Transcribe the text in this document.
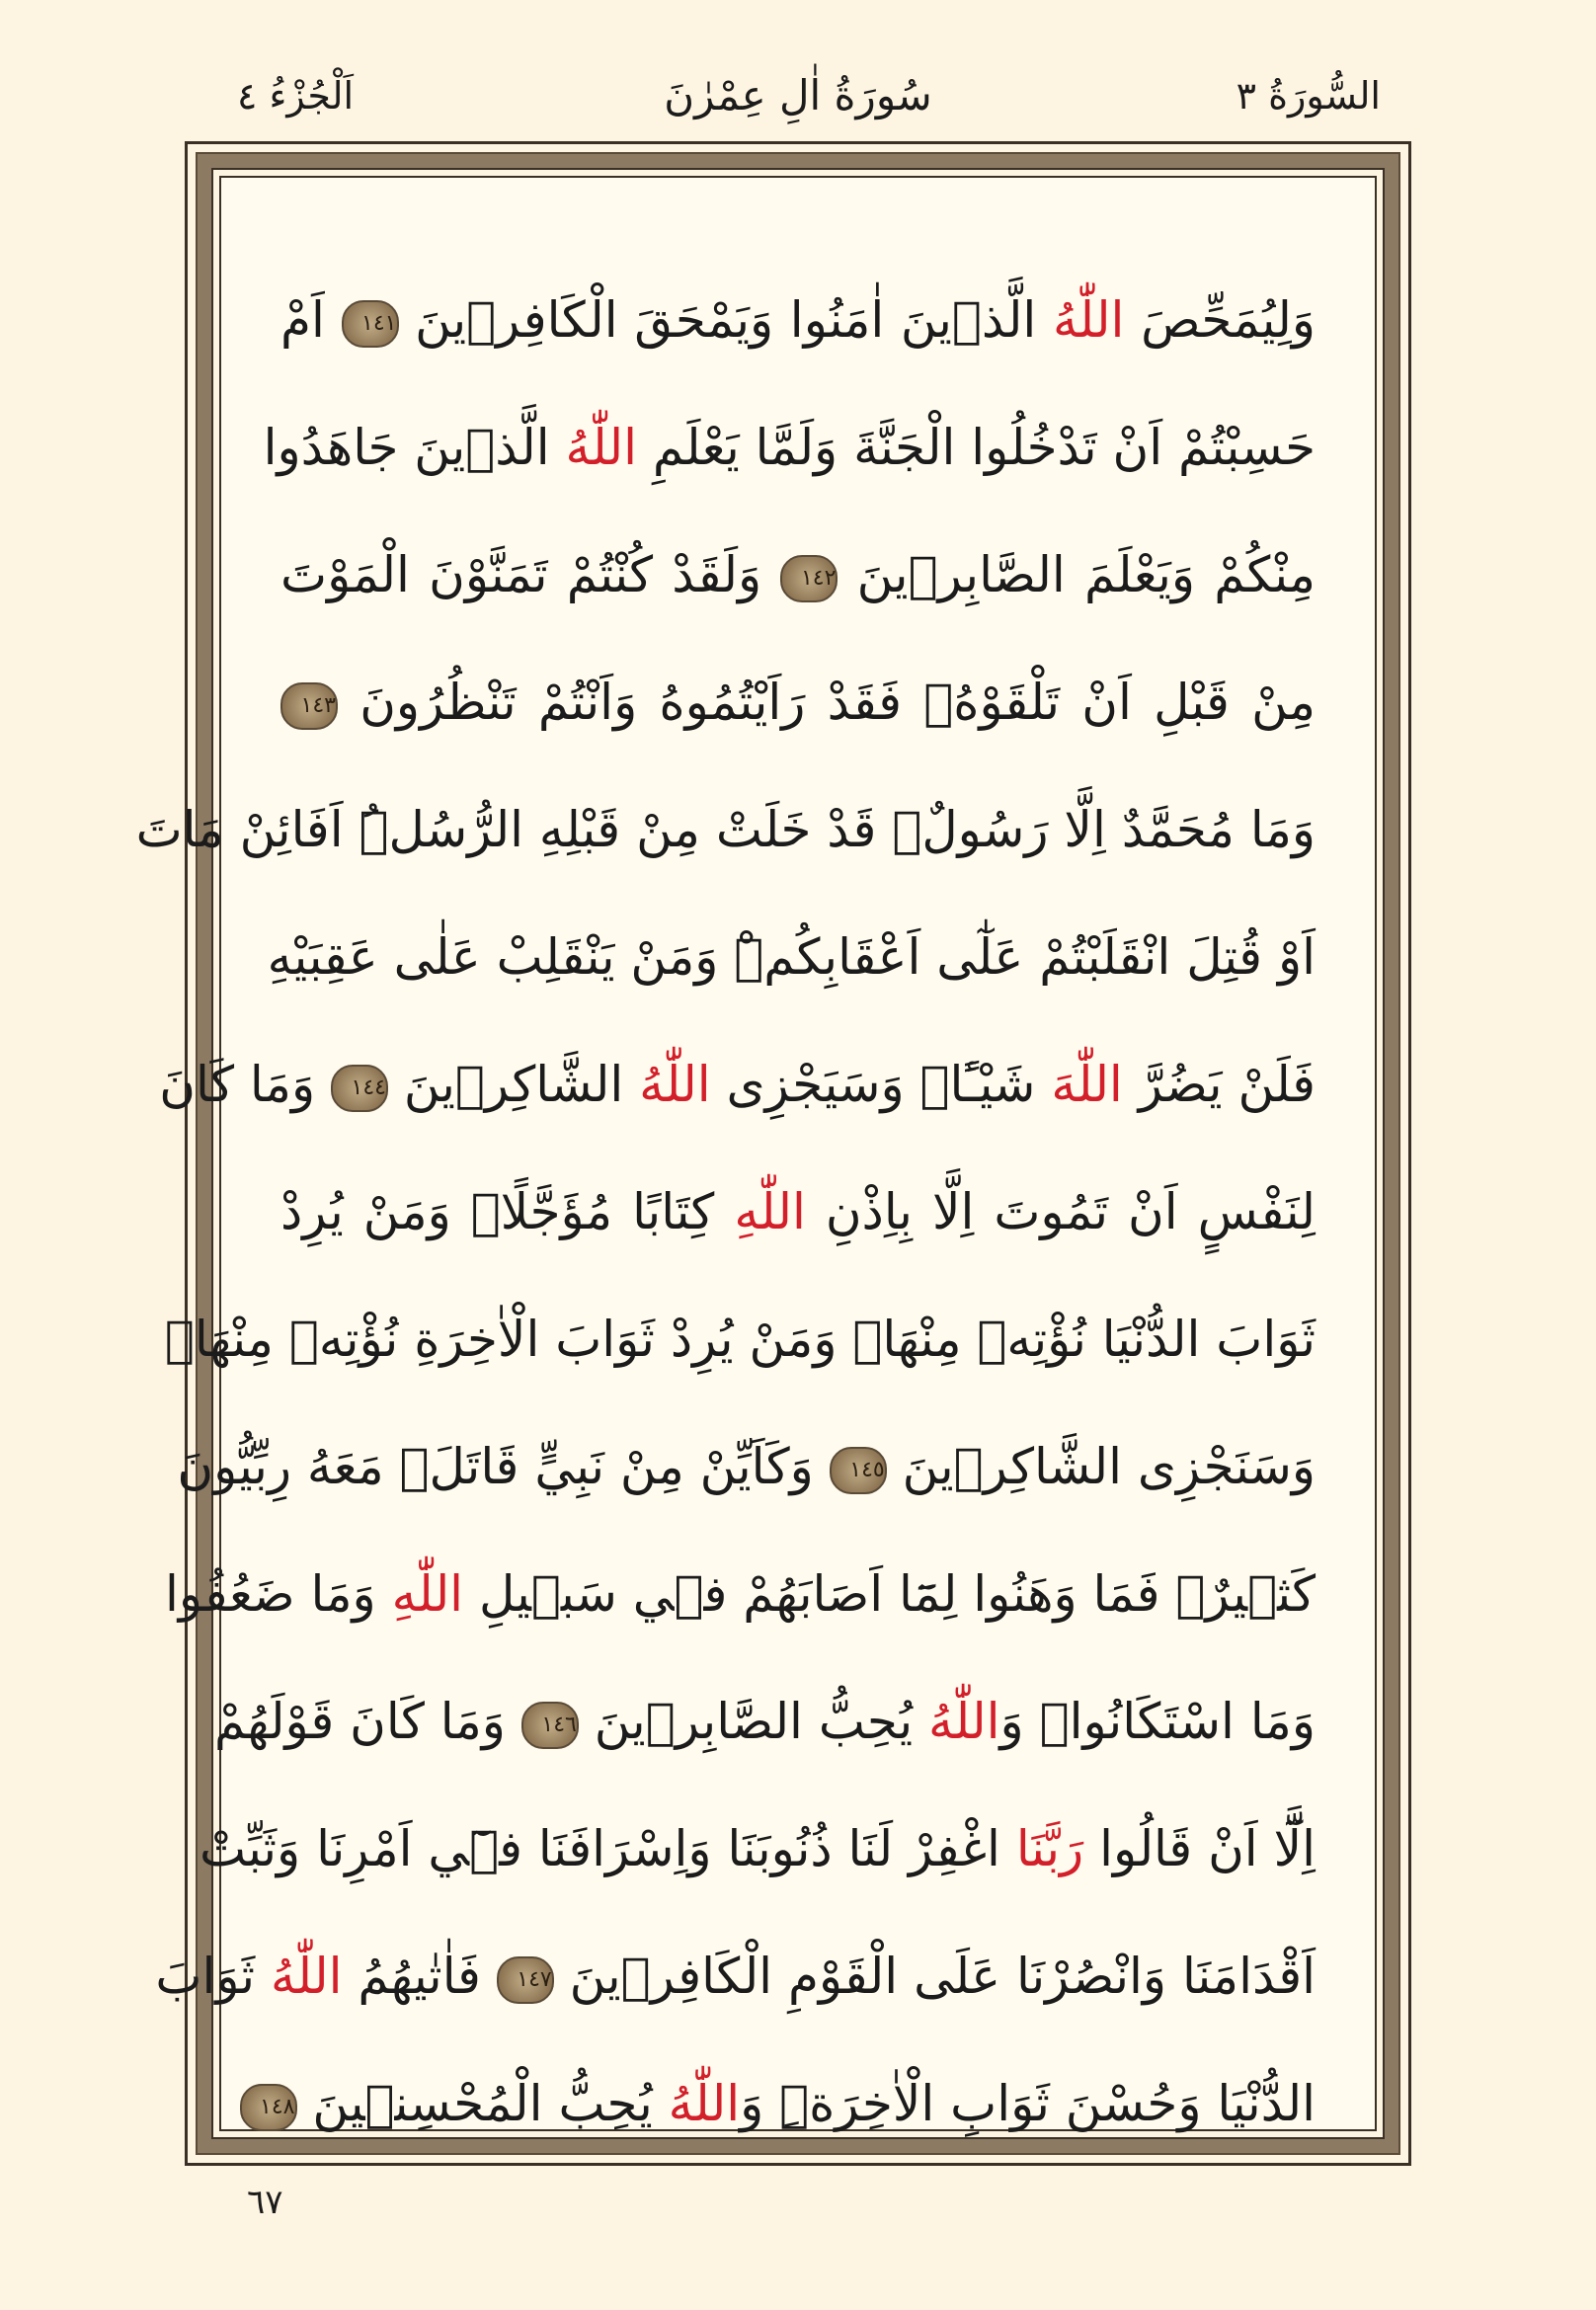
السُّورَةُ ٣
سُورَةُ اٰلِ عِمْرٰنَ
اَلْجُزْءُ ٤
وَلِيُمَحِّصَ اللّٰهُ الَّذٖينَ اٰمَنُوا وَيَمْحَقَ الْكَافِرٖينَ ١٤١ اَمْ
حَسِبْتُمْ اَنْ تَدْخُلُوا الْجَنَّةَ وَلَمَّا يَعْلَمِ اللّٰهُ الَّذٖينَ جَاهَدُوا
مِنْكُمْ وَيَعْلَمَ الصَّابِرٖينَ ١٤٢ وَلَقَدْ كُنْتُمْ تَمَنَّوْنَ الْمَوْتَ
مِنْ قَبْلِ اَنْ تَلْقَوْهُۖ فَقَدْ رَاَيْتُمُوهُ وَاَنْتُمْ تَنْظُرُونَ ١٤٣
وَمَا مُحَمَّدٌ اِلَّا رَسُولٌۚ قَدْ خَلَتْ مِنْ قَبْلِهِ الرُّسُلُۜ اَفَائِنْ مَاتَ
اَوْ قُتِلَ انْقَلَبْتُمْ عَلٰٓى اَعْقَابِكُمْۜ وَمَنْ يَنْقَلِبْ عَلٰى عَقِبَيْهِ
فَلَنْ يَضُرَّ اللّٰهَ شَيْـًٔاۜ وَسَيَجْزِى اللّٰهُ الشَّاكِرٖينَ ١٤٤ وَمَا كَانَ
لِنَفْسٍ اَنْ تَمُوتَ اِلَّا بِاِذْنِ اللّٰهِ كِتَابًا مُؤَجَّلًاۜ وَمَنْ يُرِدْ
ثَوَابَ الدُّنْيَا نُؤْتِهٖ مِنْهَاۚ وَمَنْ يُرِدْ ثَوَابَ الْاٰخِرَةِ نُؤْتِهٖ مِنْهَاۜ
وَسَنَجْزِى الشَّاكِرٖينَ ١٤٥ وَكَاَيِّنْ مِنْ نَبِيٍّ قَاتَلَۙ مَعَهُ رِبِّيُّونَ
كَثٖيرٌۚ فَمَا وَهَنُوا لِمَٓا اَصَابَهُمْ فٖي سَبٖيلِ اللّٰهِ وَمَا ضَعُفُوا
وَمَا اسْتَكَانُواۜ وَاللّٰهُ يُحِبُّ الصَّابِرٖينَ ١٤٦ وَمَا كَانَ قَوْلَهُمْ
اِلَّٓا اَنْ قَالُوا رَبَّنَا اغْفِرْ لَنَا ذُنُوبَنَا وَاِسْرَافَنَا فٖٓي اَمْرِنَا وَثَبِّتْ
اَقْدَامَنَا وَانْصُرْنَا عَلَى الْقَوْمِ الْكَافِرٖينَ ١٤٧ فَاٰتٰيهُمُ اللّٰهُ ثَوَابَ
الدُّنْيَا وَحُسْنَ ثَوَابِ الْاٰخِرَةِۜ وَاللّٰهُ يُحِبُّ الْمُحْسِنٖينَ ١٤٨
٦٧
